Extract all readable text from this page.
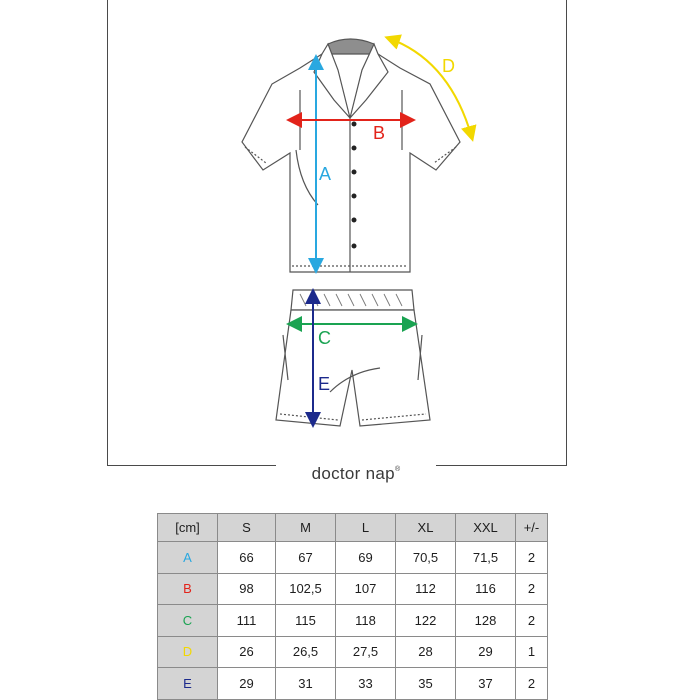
A
B
C
D
E
doctor nap®
[cm]	S	M	L	XL	XXL	+/-
A	66	67	69	70,5	71,5	2
B	98	102,5	107	112	116	2
C	111	115	118	122	128	2
D	26	26,5	27,5	28	29	1
E	29	31	33	35	37	2
